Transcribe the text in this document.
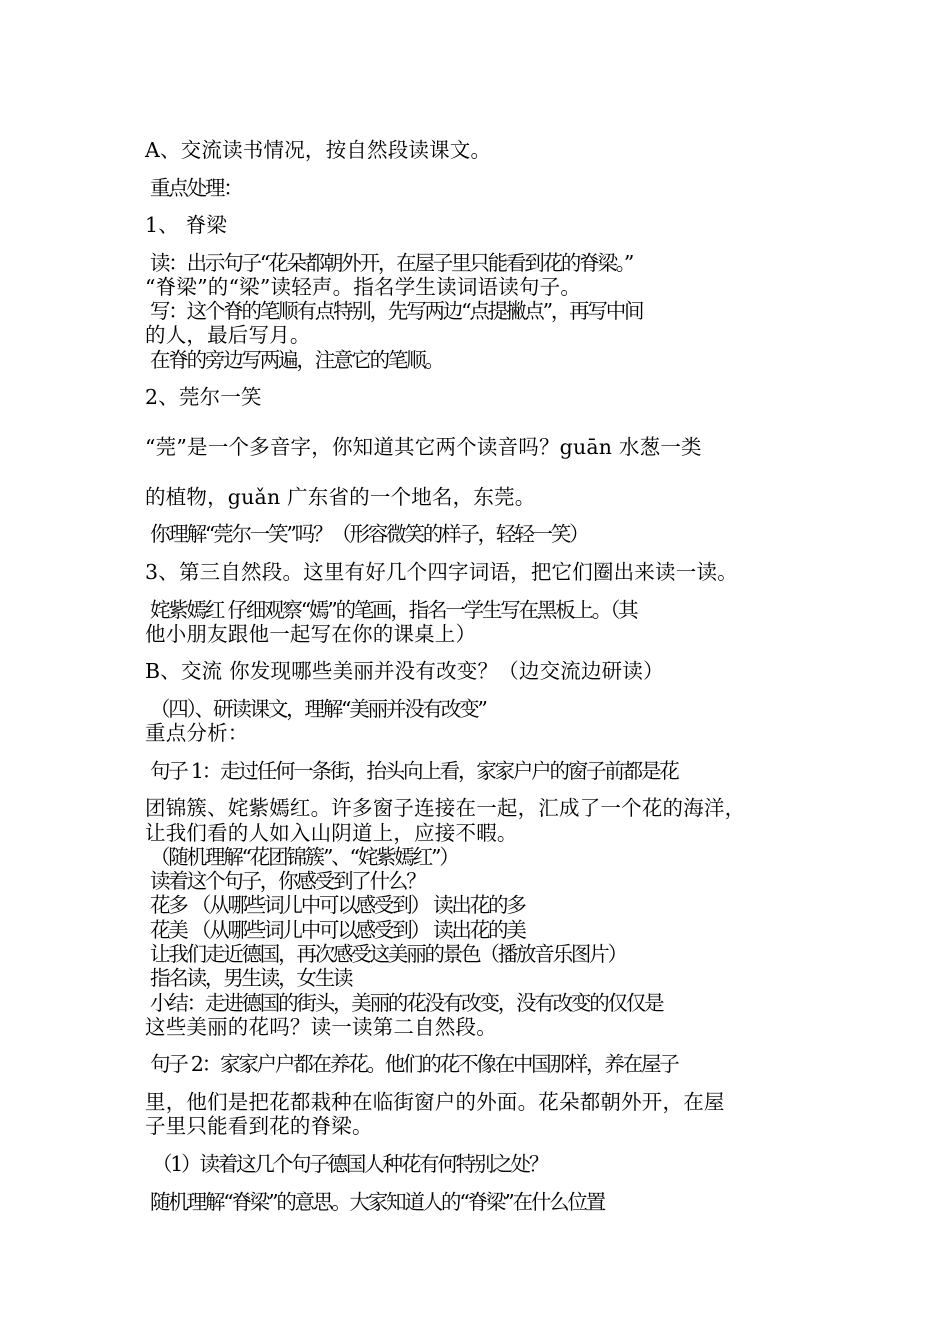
A、交流读书情况，按自然段读课文。
重点处理：
1、 脊梁
读：出示句子“花朵都朝外开，在屋子里只能看到花的脊梁。”
“脊梁”的“梁”读轻声。指名学生读词语读句子。
写：这个脊的笔顺有点特别，先写两边“点提撇点”，再写中间
的人，最后写月。
在脊的旁边写两遍，注意它的笔顺。
2、莞尔一笑
“莞”是一个多音字，你知道其它两个读音吗？guān 水葱一类
的植物，guǎn 广东省的一个地名，东莞。
你理解“莞尔一笑”吗？（形容微笑的样子，轻轻一笑）
3、第三自然段。这里有好几个四字词语，把它们圈出来读一读。
姹紫嫣红 仔细观察“嫣”的笔画，指名一学生写在黑板上。（其
他小朋友跟他一起写在你的课桌上）
B、交流 你发现哪些美丽并没有改变？（边交流边研读）
（四）、研读课文，理解“美丽并没有改变”
重点分析：
句子 1：走过任何一条街，抬头向上看，家家户户的窗子前都是花
团锦簇、姹紫嫣红。许多窗子连接在一起，汇成了一个花的海洋，
让我们看的人如入山阴道上，应接不暇。
（随机理解“花团锦簇”、“姹紫嫣红”）
读着这个句子，你感受到了什么？
花多 （从哪些词儿中可以感受到） 读出花的多
花美 （从哪些词儿中可以感受到） 读出花的美
让我们走近德国，再次感受这美丽的景色（播放音乐图片）
指名读，男生读，女生读
小结：走进德国的街头，美丽的花没有改变，没有改变的仅仅是
这些美丽的花吗？读一读第二自然段。
句子 2：家家户户都在养花。他们的花不像在中国那样，养在屋子
里，他们是把花都栽种在临街窗户的外面。花朵都朝外开，在屋
子里只能看到花的脊梁。
（1）读着这几个句子德国人种花有何特别之处？
随机理解“脊梁”的意思。大家知道人的“脊梁”在什么位置
